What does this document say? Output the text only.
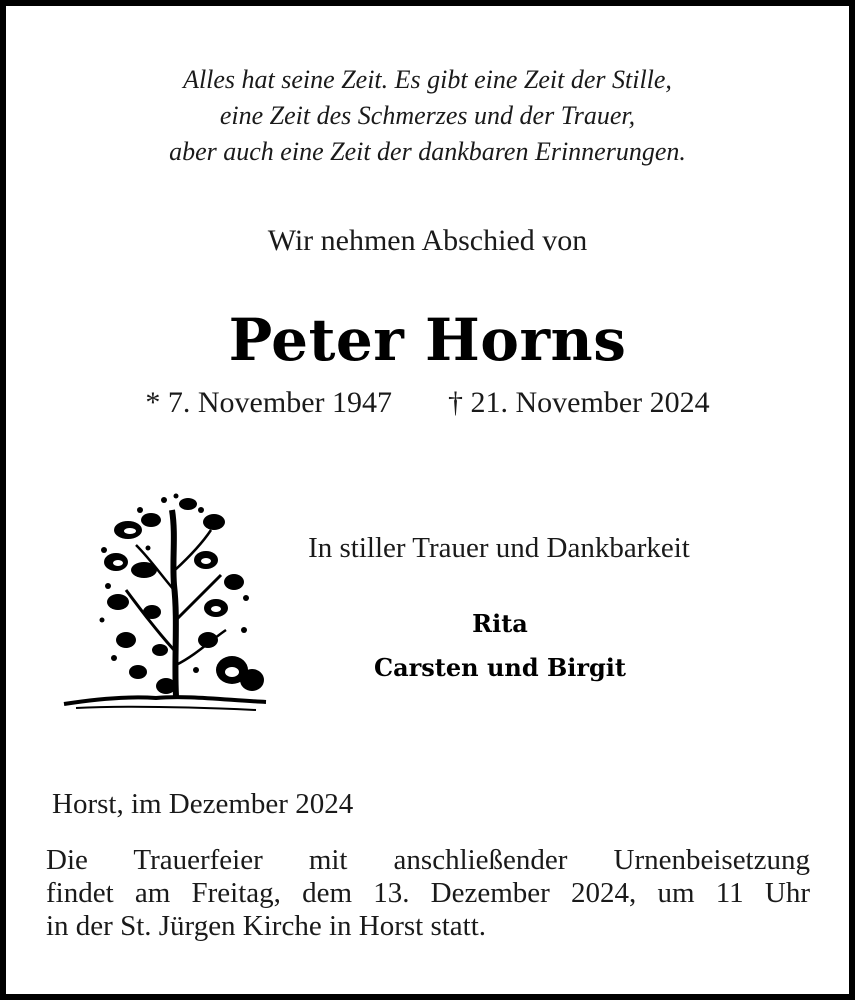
Alles hat seine Zeit. Es gibt eine Zeit der Stille,
eine Zeit des Schmerzes und der Trauer,
aber auch eine Zeit der dankbaren Erinnerungen.
Wir nehmen Abschied von
Peter Horns
* 7. November 1947 † 21. November 2024
In stiller Trauer und Dankbarkeit
Rita
Carsten und Birgit
Horst, im Dezember 2024
Die Trauerfeier mit anschließender Urnenbeisetzung
findet am Freitag, dem 13. Dezember 2024, um 11 Uhr
in der St. Jürgen Kirche in Horst statt.
